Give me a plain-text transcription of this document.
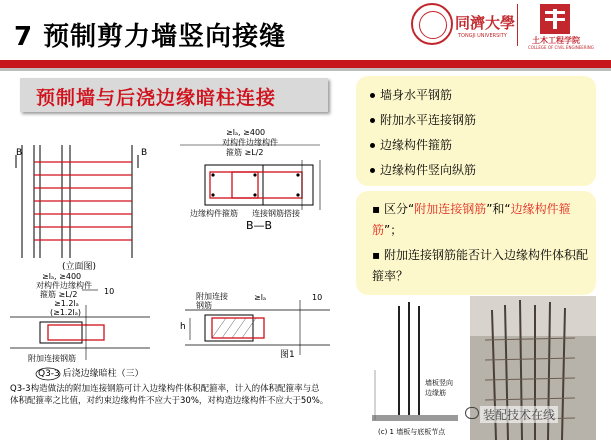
7 预制剪力墙竖向接缝	同濟大學
TONGJI UNIVERSITY	土木工程学院
COLLEGE OF CIVIL ENGINEERING
预制墙与后浇边缘暗柱连接
B	B
(立面图)
≥lₐ, ≥400
对构件边缘构件
箍筋 ≥L/2
边缘构件箍筋 连接钢筋搭接
B—B
≥lₐ, ≥400
对构件边缘构件
箍筋 ≥L/2
≥1.2lₐ
(≥1.2lₐ)
10
附加连接钢筋
Q3-3 后浇边缘暗柱（三）
附加连接
钢筋
≥lₐ	10
图1
h
Q3-3构造做法的附加连接钢筋可计入边缘构件体积配箍率，计入的体积配箍率与总
体积配箍率之比值，对约束边缘构件不应大于30%，对构造边缘构件不应大于50%。
墙板竖向
边缘筋
(c) 1 墙板与底板节点
墙身水平钢筋
附加水平连接钢筋
边缘构件箍筋
边缘构件竖向纵筋
▪ 区分“附加连接钢筋”和“边缘构件箍筋”；
▪ 附加连接钢筋能否计入边缘构件体积配箍率？
装配技术在线
